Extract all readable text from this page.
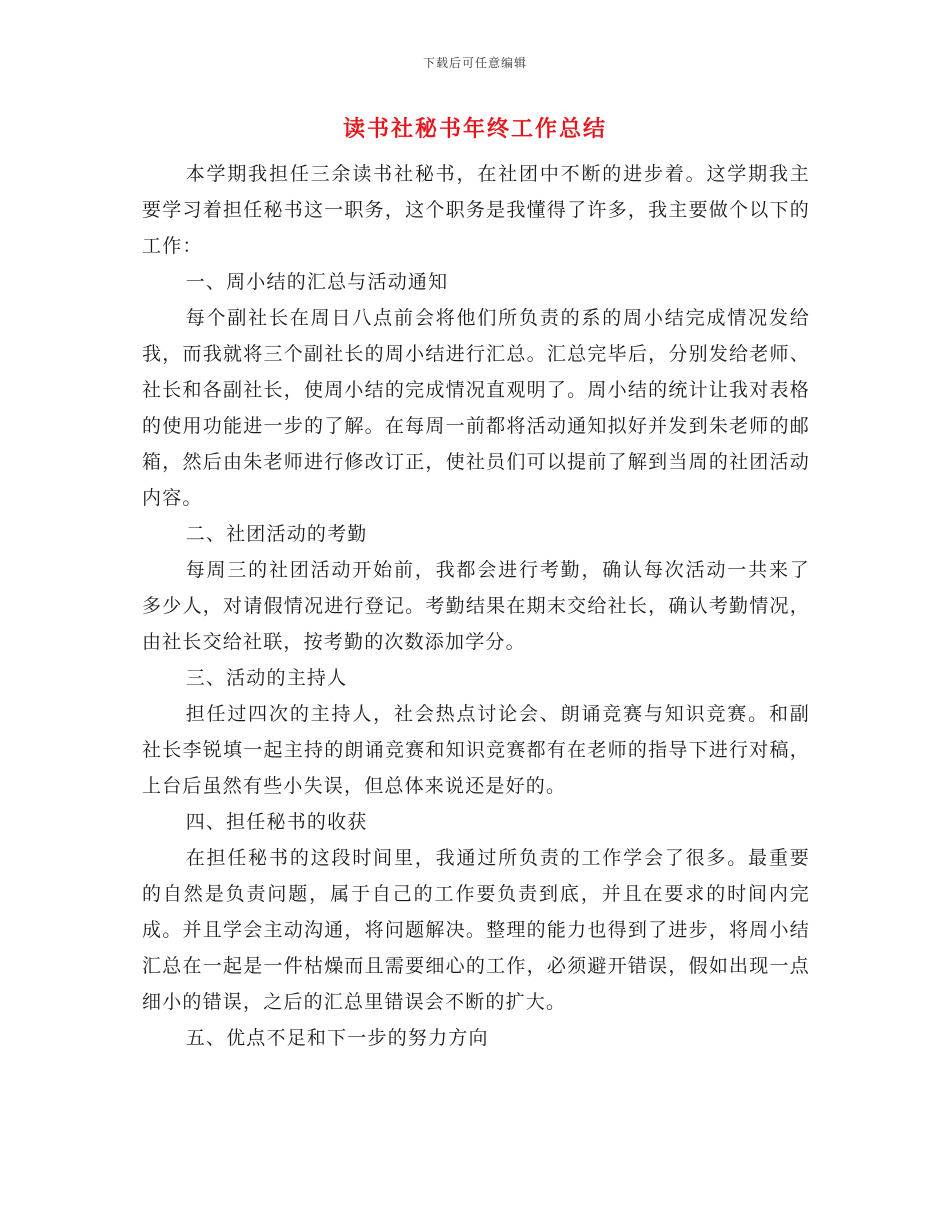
下载后可任意编辑
读书社秘书年终工作总结

本学期我担任三余读书社秘书，在社团中不断的进步着。这学期我主要学习着担任秘书这一职务，这个职务是我懂得了许多，我主要做个以下的工作：

一、周小结的汇总与活动通知

每个副社长在周日八点前会将他们所负责的系的周小结完成情况发给我，而我就将三个副社长的周小结进行汇总。汇总完毕后，分别发给老师、社长和各副社长，使周小结的完成情况直观明了。周小结的统计让我对表格的使用功能进一步的了解。在每周一前都将活动通知拟好并发到朱老师的邮箱，然后由朱老师进行修改订正，使社员们可以提前了解到当周的社团活动内容。

二、社团活动的考勤

每周三的社团活动开始前，我都会进行考勤，确认每次活动一共来了多少人，对请假情况进行登记。考勤结果在期末交给社长，确认考勤情况，由社长交给社联，按考勤的次数添加学分。

三、活动的主持人

担任过四次的主持人，社会热点讨论会、朗诵竞赛与知识竞赛。和副社长李锐填一起主持的朗诵竞赛和知识竞赛都有在老师的指导下进行对稿，上台后虽然有些小失误，但总体来说还是好的。

四、担任秘书的收获

在担任秘书的这段时间里，我通过所负责的工作学会了很多。最重要的自然是负责问题，属于自己的工作要负责到底，并且在要求的时间内完成。并且学会主动沟通，将问题解决。整理的能力也得到了进步，将周小结汇总在一起是一件枯燥而且需要细心的工作，必须避开错误，假如出现一点细小的错误，之后的汇总里错误会不断的扩大。

五、优点不足和下一步的努力方向
